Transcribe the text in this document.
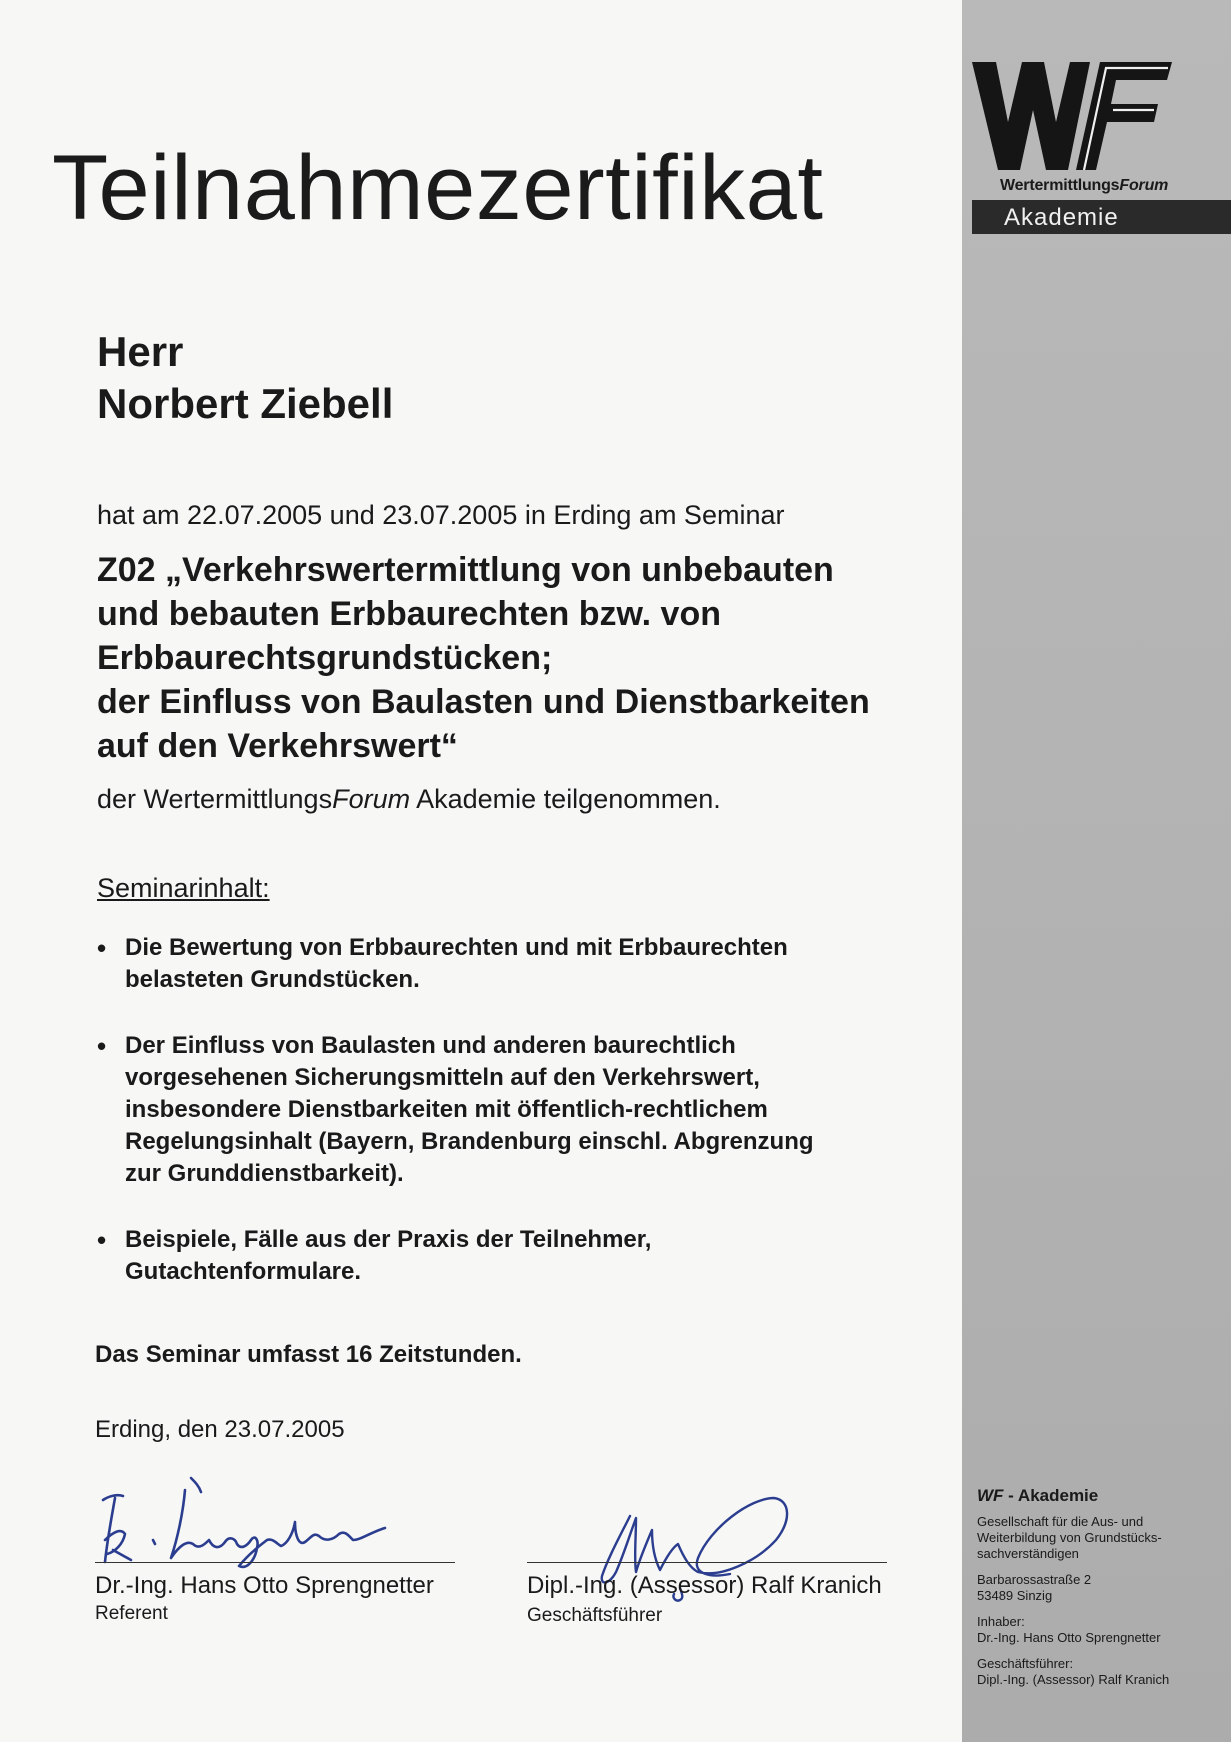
Teilnahmezertifikat
Herr
Norbert Ziebell

hat am 22.07.2005 und 23.07.2005 in Erding am Seminar

Z02 „Verkehrswertermittlung von unbebauten
und bebauten Erbbaurechten bzw. von
Erbbaurechtsgrundstücken;
der Einfluss von Baulasten und Dienstbarkeiten
auf den Verkehrswert“

der WertermittlungsForum Akademie teilgenommen.

Seminarinhalt:

• Die Bewertung von Erbbaurechten und mit Erbbaurechten
belasteten Grundstücken.
• Der Einfluss von Baulasten und anderen baurechtlich
vorgesehenen Sicherungsmitteln auf den Verkehrswert,
insbesondere Dienstbarkeiten mit öffentlich-rechtlichem
Regelungsinhalt (Bayern, Brandenburg einschl. Abgrenzung
zur Grunddienstbarkeit).
• Beispiele, Fälle aus der Praxis der Teilnehmer,
Gutachtenformulare.

Das Seminar umfasst 16 Zeitstunden.

Erding, den 23.07.2005

Dr.-Ing. Hans Otto Sprengnetter

Referent

Dipl.-Ing. (Assessor) Ralf Kranich

Geschäftsführer

WertermittlungsForum

Akademie

WF - Akademie

Gesellschaft für die Aus- und
Weiterbildung von Grundstücks-
sachverständigen

Barbarossastraße 2
53489 Sinzig

Inhaber:
Dr.-Ing. Hans Otto Sprengnetter

Geschäftsführer:
Dipl.-Ing. (Assessor) Ralf Kranich
